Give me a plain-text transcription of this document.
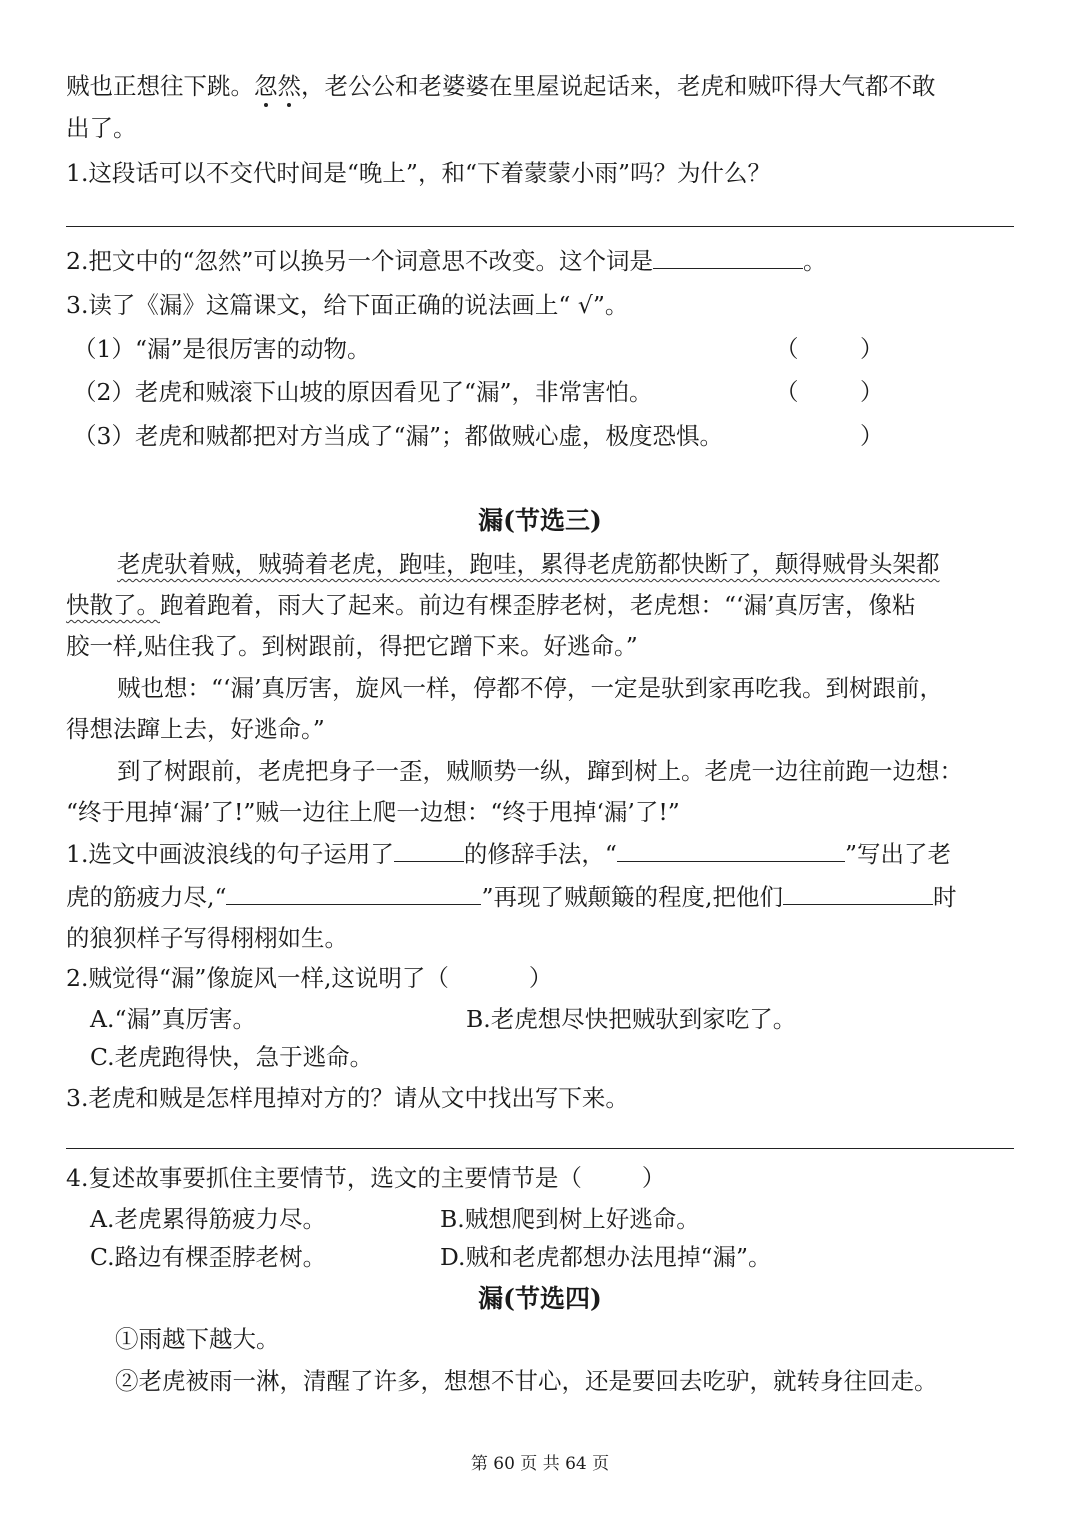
贼也正想往下跳。忽然，老公公和老婆婆在里屋说起话来，老虎和贼吓得大气都不敢
出了。
1.这段话可以不交代时间是“晚上”，和“下着蒙蒙小雨”吗？为什么？
2.把文中的“忽然”可以换另一个词意思不改变。这个词是	。
3.读了《漏》这篇课文，给下面正确的说法画上“ √”。
（1）“漏”是很厉害的动物。	（	）
（2）老虎和贼滚下山坡的原因看见了“漏”，非常害怕。	（	）
（3）老虎和贼都把对方当成了“漏”；都做贼心虚，极度恐惧。	）
漏(节选三)
老虎驮着贼，贼骑着老虎，跑哇，跑哇，累得老虎筋都快断了，颠得贼骨头架都
快散了。跑着跑着，雨大了起来。前边有棵歪脖老树，老虎想：“‘漏’真厉害，像粘
胶一样,贴住我了。到树跟前，得把它蹭下来。好逃命。”
贼也想：“‘漏’真厉害，旋风一样，停都不停，一定是驮到家再吃我。到树跟前，
得想法蹿上去，好逃命。”
到了树跟前，老虎把身子一歪，贼顺势一纵，蹿到树上。老虎一边往前跑一边想：
“终于甩掉‘漏’了!”贼一边往上爬一边想：“终于甩掉‘漏’了!”
1.选文中画波浪线的句子运用了	的修辞手法，“	”写出了老
虎的筋疲力尽,“	”再现了贼颠簸的程度,把他们	时
的狼狈样子写得栩栩如生。
2.贼觉得“漏”像旋风一样,这说明了（	）
A.“漏”真厉害。	B.老虎想尽快把贼驮到家吃了。
C.老虎跑得快，急于逃命。
3.老虎和贼是怎样甩掉对方的？请从文中找出写下来。
4.复述故事要抓住主要情节，选文的主要情节是（	）
A.老虎累得筋疲力尽。	B.贼想爬到树上好逃命。
C.路边有棵歪脖老树。	D.贼和老虎都想办法甩掉“漏”。
漏(节选四)
①雨越下越大。
②老虎被雨一淋，清醒了许多，想想不甘心，还是要回去吃驴，就转身往回走。
第 60 页 共 64 页
